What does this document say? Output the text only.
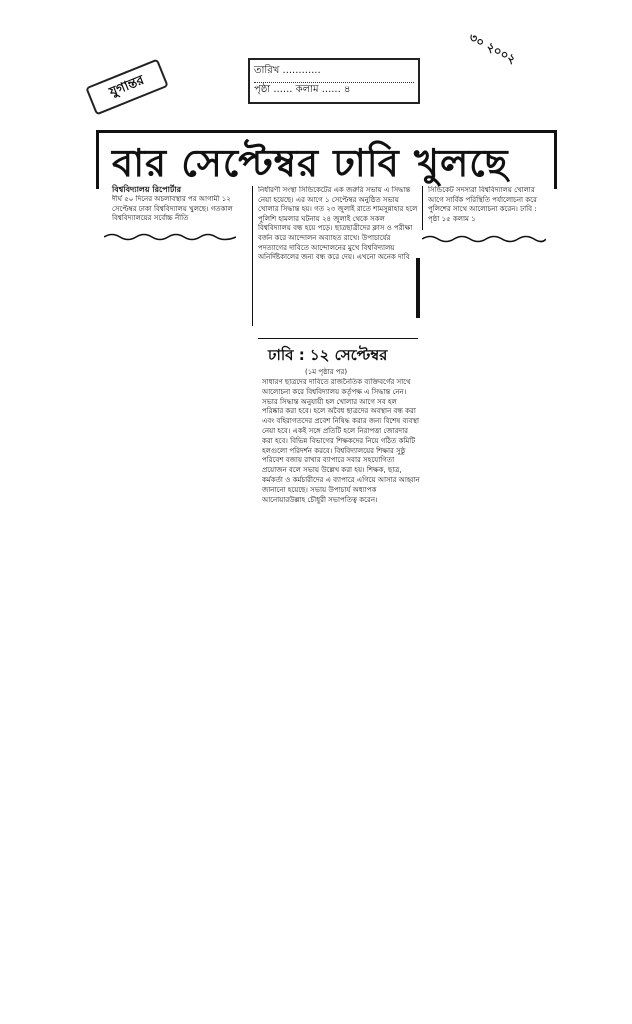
যুগান্তর
তারিখ ............
পৃষ্ঠা ...... কলাম ...... ৪
৩০ ২০০২
বার সেপ্টেম্বর ঢাবি খুলছে
বিশ্ববিদ্যালয় রিপোর্টার

দীর্ঘ ৫০ দিনের অচলাবস্থার পর আগামী ১২ সেপ্টেম্বর ঢাকা বিশ্ববিদ্যালয় খুলছে। গতকাল বিশ্ববিদ্যালয়ের সর্বোচ্চ নীতি

নির্ধারণী সংস্থা সিন্ডিকেটের এক জরুরি সভায় এ সিদ্ধান্ত নেয়া হয়েছে। এর আগে ১ সেপ্টেম্বর অনুষ্ঠিত সভায় খোলার সিদ্ধান্ত হয়। গত ২৩ জুলাই রাতে শামসুন্নাহার হলে পুলিশি হামলার ঘটনায় ২৪ জুলাই থেকে সকল বিশ্ববিদ্যালয় বন্ধ হয়ে পড়ে। ছাত্রছাত্রীদের ক্লাস ও পরীক্ষা বর্জন করে আন্দোলন অব্যাহত রাখে। উপাচার্যের পদত্যাগের দাবিতে আন্দোলনের মুখে বিশ্ববিদ্যালয় অনির্দিষ্টকালের জন্য বন্ধ করে দেয়। এখনো অনেক দাবি

সিন্ডিকেট সদস্যরা বিশ্ববিদ্যালয় খোলার আগে সার্বিক পরিস্থিতি পর্যালোচনা করে পুলিশের সাথে আলোচনা করেন। ঢাবি : পৃষ্ঠা ১৫ কলাম ১

ঢাবি : ১২ সেপ্টেম্বর
(১ম পৃষ্ঠার পর)

সাধারণ ছাত্রদের দাবিতে রাজনৈতিক ব্যক্তিবর্গের সাথে আলোচনা করে বিশ্ববিদ্যালয় কর্তৃপক্ষ এ সিদ্ধান্ত নেন। সভার সিদ্ধান্ত অনুযায়ী হল খোলার আগে সব হল পরিষ্কার করা হবে। হলে অবৈধ ছাত্রদের অবস্থান বন্ধ করা এবং বহিরাগতদের প্রবেশ নিষিদ্ধ করার জন্য বিশেষ ব্যবস্থা নেয়া হবে। একই সঙ্গে প্রতিটি হলে নিরাপত্তা জোরদার করা হবে। বিভিন্ন বিভাগের শিক্ষকদের নিয়ে গঠিত কমিটি হলগুলো পরিদর্শন করবে। বিশ্ববিদ্যালয়ের শিক্ষার সুষ্ঠু পরিবেশ বজায় রাখার ব্যাপারে সবার সহযোগিতা প্রয়োজন বলে সভায় উল্লেখ করা হয়। শিক্ষক, ছাত্র, কর্মকর্তা ও কর্মচারীদের এ ব্যাপারে এগিয়ে আসার আহ্বান জানানো হয়েছে। সভায় উপাচার্য অধ্যাপক আনোয়ারউল্লাহ চৌধুরী সভাপতিত্ব করেন।
